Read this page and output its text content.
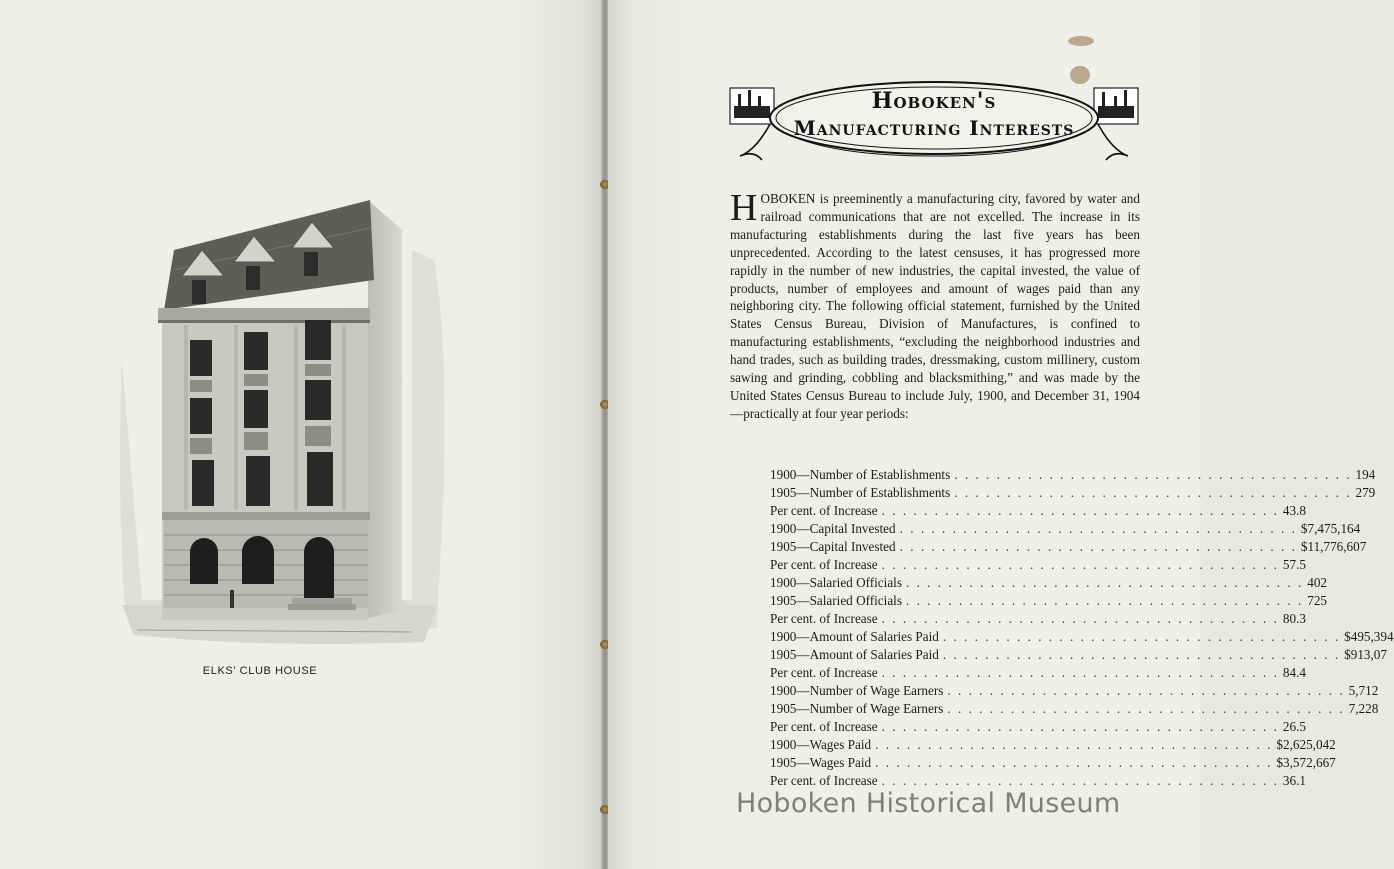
ELKS' CLUB HOUSE
Hoboken's
Manufacturing Interests
HOBOKEN is preeminently a manufacturing city, favored by water and railroad communications that are not excelled. The increase in its manufacturing establishments during the last five years has been unprecedented. According to the latest censuses, it has progressed more rapidly in the number of new industries, the capital invested, the value of products, number of employees and amount of wages paid than any neighboring city. The following official statement, furnished by the United States Census Bureau, Division of Manufactures, is confined to manufacturing establishments, “excluding the neighborhood industries and hand trades, such as building trades, dressmaking, custom millinery, custom sawing and grinding, cobbling and blacksmithing,” and was made by the United States Census Bureau to include July, 1900, and December 31, 1904—practically at four year periods:
1900—Number of Establishments . . . . . . . . . . . . . . . . . . . . . . . . . . . . . . . . . . . . . . 194
1905—Number of Establishments . . . . . . . . . . . . . . . . . . . . . . . . . . . . . . . . . . . . . . 279
Per cent. of Increase . . . . . . . . . . . . . . . . . . . . . . . . . . . . . . . . . . . . . . 43.8
1900—Capital Invested . . . . . . . . . . . . . . . . . . . . . . . . . . . . . . . . . . . . . . $7,475,164
1905—Capital Invested . . . . . . . . . . . . . . . . . . . . . . . . . . . . . . . . . . . . . . $11,776,607
Per cent. of Increase . . . . . . . . . . . . . . . . . . . . . . . . . . . . . . . . . . . . . . 57.5
1900—Salaried Officials . . . . . . . . . . . . . . . . . . . . . . . . . . . . . . . . . . . . . . 402
1905—Salaried Officials . . . . . . . . . . . . . . . . . . . . . . . . . . . . . . . . . . . . . . 725
Per cent. of Increase . . . . . . . . . . . . . . . . . . . . . . . . . . . . . . . . . . . . . . 80.3
1900—Amount of Salaries Paid . . . . . . . . . . . . . . . . . . . . . . . . . . . . . . . . . . . . . . $495,394
1905—Amount of Salaries Paid . . . . . . . . . . . . . . . . . . . . . . . . . . . . . . . . . . . . . . $913,07
Per cent. of Increase . . . . . . . . . . . . . . . . . . . . . . . . . . . . . . . . . . . . . . 84.4
1900—Number of Wage Earners . . . . . . . . . . . . . . . . . . . . . . . . . . . . . . . . . . . . . . 5,712
1905—Number of Wage Earners . . . . . . . . . . . . . . . . . . . . . . . . . . . . . . . . . . . . . . 7,228
Per cent. of Increase . . . . . . . . . . . . . . . . . . . . . . . . . . . . . . . . . . . . . . 26.5
1900—Wages Paid . . . . . . . . . . . . . . . . . . . . . . . . . . . . . . . . . . . . . . $2,625,042
1905—Wages Paid . . . . . . . . . . . . . . . . . . . . . . . . . . . . . . . . . . . . . . $3,572,667
Per cent. of Increase . . . . . . . . . . . . . . . . . . . . . . . . . . . . . . . . . . . . . . 36.1
Hoboken Historical Museum
